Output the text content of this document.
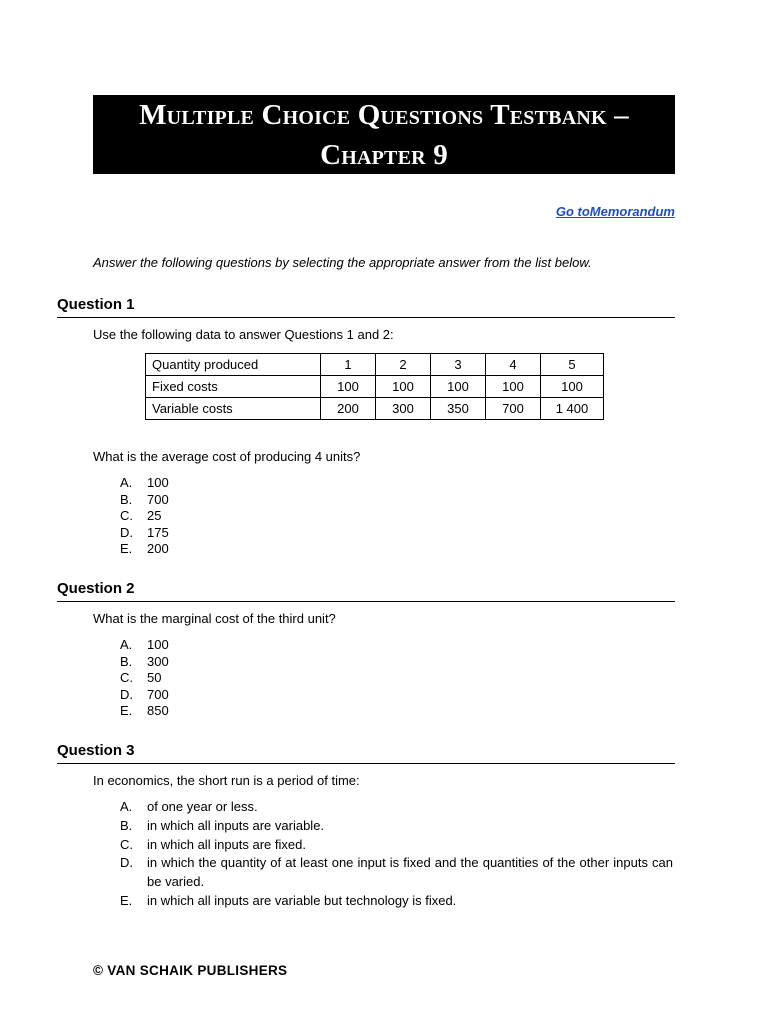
Multiple Choice Questions Testbank –
Chapter 9
Go toMemorandum
Answer the following questions by selecting the appropriate answer from the list below.
Question 1
Use the following data to answer Questions 1 and 2:
Quantity produced	1	2	3	4	5
Fixed costs	100	100	100	100	100
Variable costs	200	300	350	700	1 400
What is the average cost of producing 4 units?
A. 100
B. 700
C. 25
D. 175
E. 200
Question 2
What is the marginal cost of the third unit?
A. 100
B. 300
C. 50
D. 700
E. 850
Question 3
In economics, the short run is a period of time:
A. of one year or less.
B. in which all inputs are variable.
C. in which all inputs are fixed.
D. in which the quantity of at least one input is fixed and the quantities of the other inputs can be varied.
E. in which all inputs are variable but technology is fixed.
© VAN SCHAIK PUBLISHERS
